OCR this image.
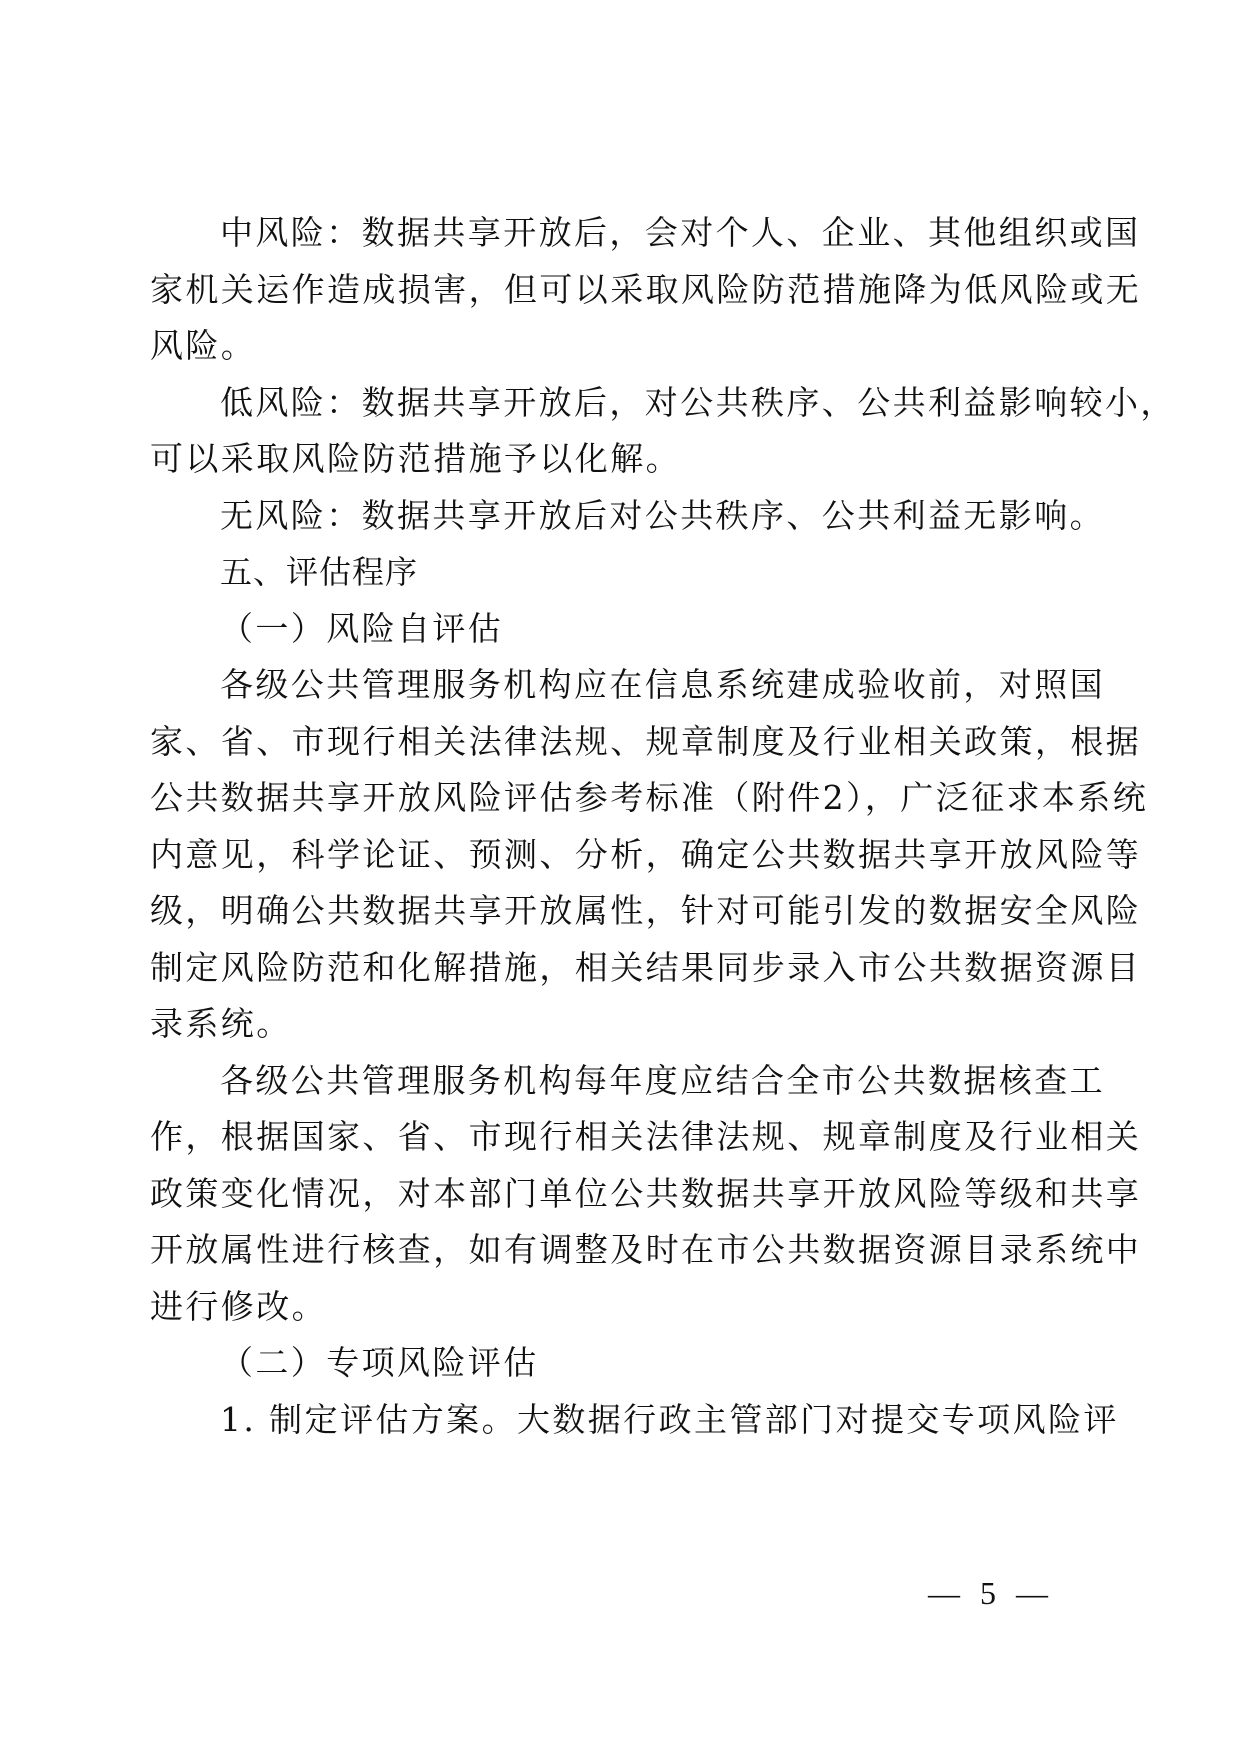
中风险：数据共享开放后，会对个人、企业、其他组织或国
家机关运作造成损害，但可以采取风险防范措施降为低风险或无
风险。
低风险：数据共享开放后，对公共秩序、公共利益影响较小，
可以采取风险防范措施予以化解。
无风险：数据共享开放后对公共秩序、公共利益无影响。
五、评估程序
（一）风险自评估
各级公共管理服务机构应在信息系统建成验收前，对照国
家、省、市现行相关法律法规、规章制度及行业相关政策，根据
公共数据共享开放风险评估参考标准（附件2），广泛征求本系统
内意见，科学论证、预测、分析，确定公共数据共享开放风险等
级，明确公共数据共享开放属性，针对可能引发的数据安全风险
制定风险防范和化解措施，相关结果同步录入市公共数据资源目
录系统。
各级公共管理服务机构每年度应结合全市公共数据核查工
作，根据国家、省、市现行相关法律法规、规章制度及行业相关
政策变化情况，对本部门单位公共数据共享开放风险等级和共享
开放属性进行核查，如有调整及时在市公共数据资源目录系统中
进行修改。
（二）专项风险评估
1. 制定评估方案。大数据行政主管部门对提交专项风险评
— 5 —
